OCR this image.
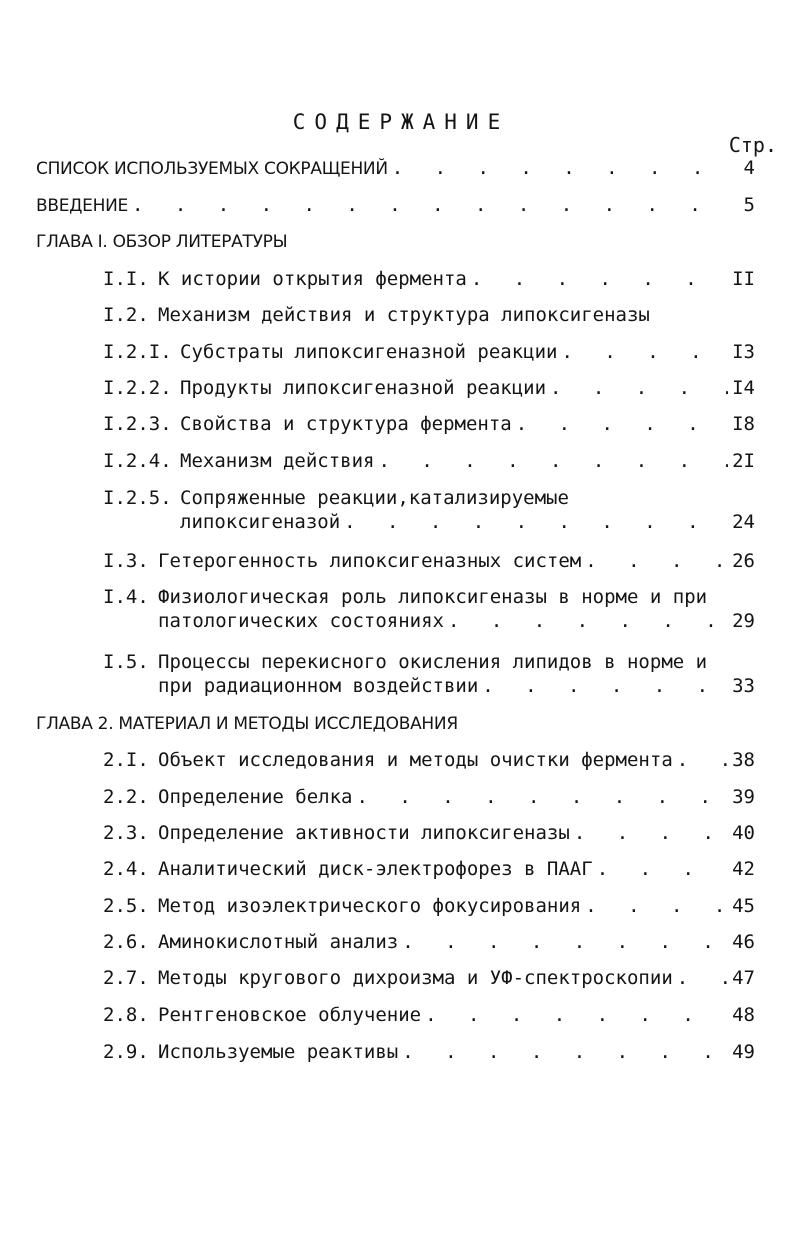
СОДЕРЖАНИЕ
Стр.
СПИСОК ИСПОЛЬЗУЕМЫХ СОКРАЩЕНИЙ . . .	4
ВВЕДЕНИЕ . . .	5
ГЛАВА I. ОБЗОР ЛИТЕРАТУРЫ
I.I. К истории открытия фермента . . .	II
I.2. Механизм действия и структура липоксигеназы
I.2.I. Субстраты липоксигеназной реакции . . .	I3
I.2.2. Продукты липоксигеназной реакции . . .	I4
I.2.3. Свойства и структура фермента . . .	I8
I.2.4. Механизм действия . . .	2I
I.2.5. Сопряженные реакции,катализируемые
липоксигеназой . . .	24
I.3. Гетерогенность липоксигеназных систем . . .	26
I.4. Физиологическая роль липоксигеназы в норме и при
патологических состояниях . . .	29
I.5. Процессы перекисного окисления липидов в норме и
при радиационном воздействии . . .	33
ГЛАВА 2. МАТЕРИАЛ И МЕТОДЫ ИССЛЕДОВАНИЯ
2.I. Объект исследования и методы очистки фермента . . .	38
2.2. Определение белка . . .	39
2.3. Определение активности липоксигеназы . . .	40
2.4. Аналитический диск-электрофорез в ПААГ . . .	42
2.5. Метод изоэлектрического фокусирования . . .	45
2.6. Аминокислотный анализ . . .	46
2.7. Методы кругового дихроизма и УФ-спектроскопии . . .	47
2.8. Рентгеновское облучение . . .	48
2.9. Используемые реактивы . . .	49
